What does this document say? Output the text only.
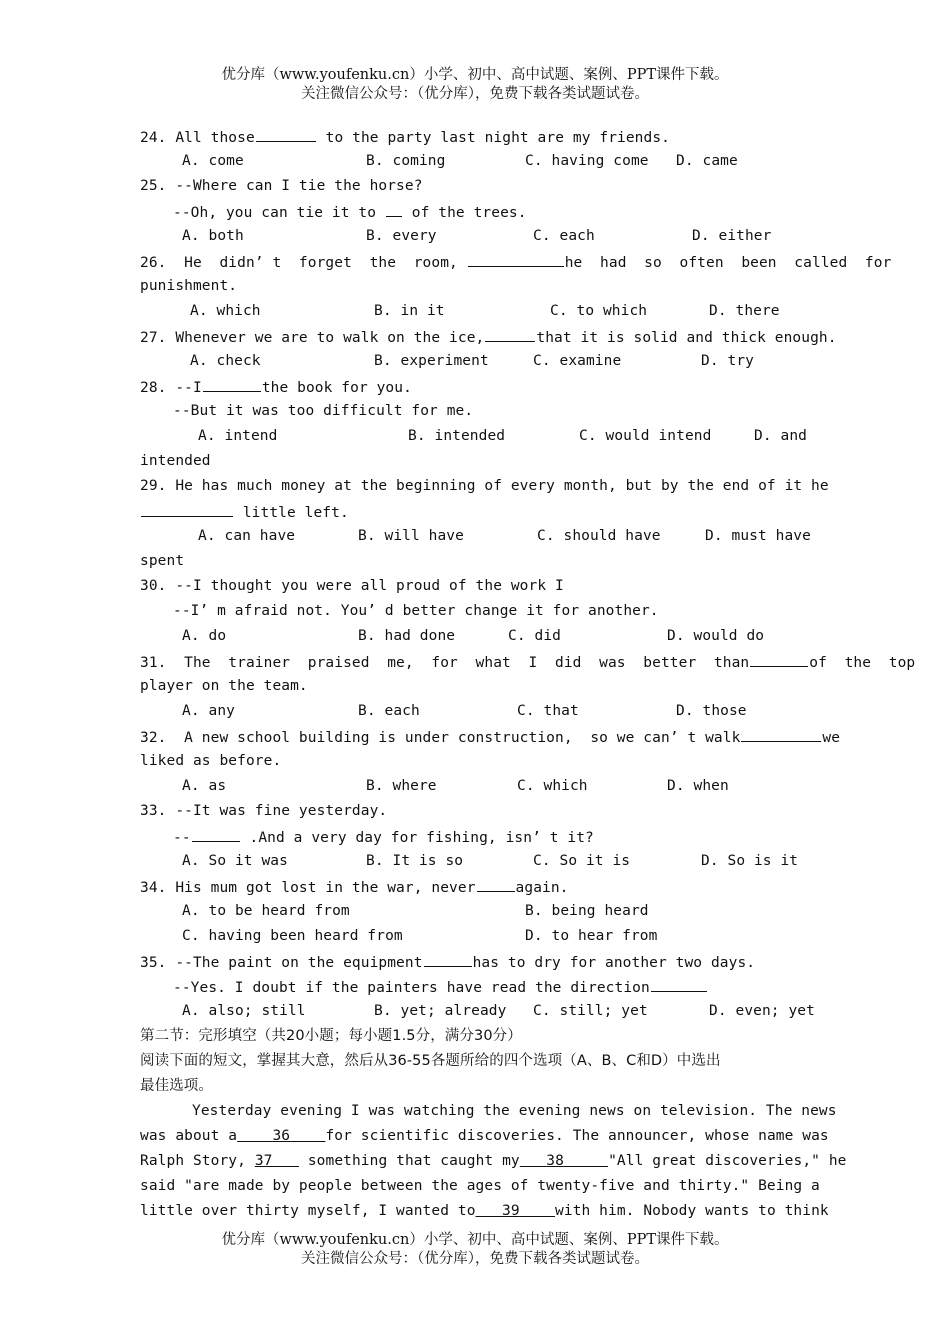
优分库（www.youfenku.cn）小学、初中、高中试题、案例、PPT课件下载。
关注微信公众号：（优分库），免费下载各类试题试卷。
24. All those	to the party last night are my friends.
A. come	B. coming	C. having come D. came
25. --Where can I tie the horse?
--Oh, you can tie it to of the trees.
A. both	B. every	C. each	D. either
26.  He  didn’ t  forget  the  room,	he  had  so  often  been  called  for
punishment.
A. which	B. in it	C. to which	D. there
27. Whenever we are to walk on the ice,	that it is solid and thick enough.
A. check	B. experiment	C. examine	D. try
28. --I	the book for you.
--But it was too difficult for me.
A. intend	B. intended	C. would intend	D. and
intended
29. He has much money at the beginning of every month, but by the end of it he
little left.
A. can have	B. will have	C. should have	D. must have
spent
30. --I thought you were all proud of the work I
--I’ m afraid not. You’ d better change it for another.
A. do	B. had done	C. did	D. would do
31.  The  trainer  praised  me,  for  what  I  did  was  better  than	of  the  top
player on the team.
A. any	B. each	C. that	D. those
32.  A new school building is under construction,  so we can’ t walk	we
liked as before.
A. as	B. where	C. which	D. when
33. --It was fine yesterday.
--	.And a very day for fishing, isn’ t it?
A. So it was	B. It is so	C. So it is	D. So is it
34. His mum got lost in the war, never	again.
A. to be heard from	B. being heard
C. having been heard from	D. to hear from
35. --The paint on the equipment	has to dry for another two days.
--Yes. I doubt if the painters have read the direction
A. also; still	B. yet; already C. still; yet	D. even; yet
第二节：完形填空（共20小题；每小题1.5分，满分30分）
阅读下面的短文，掌握其大意，然后从36-55各题所给的四个选项（A、B、C和D）中选出
最佳选项。
Yesterday evening I was watching the evening news on television. The news
was about a 36 for scientific discoveries. The announcer, whose name was
Ralph Story, 37 something that caught my 38	"All great discoveries," he
said "are made by people between the ages of twenty-five and thirty." Being a
little over thirty myself, I wanted to 39 with him. Nobody wants to think
优分库（www.youfenku.cn）小学、初中、高中试题、案例、PPT课件下载。
关注微信公众号：（优分库），免费下载各类试题试卷。
